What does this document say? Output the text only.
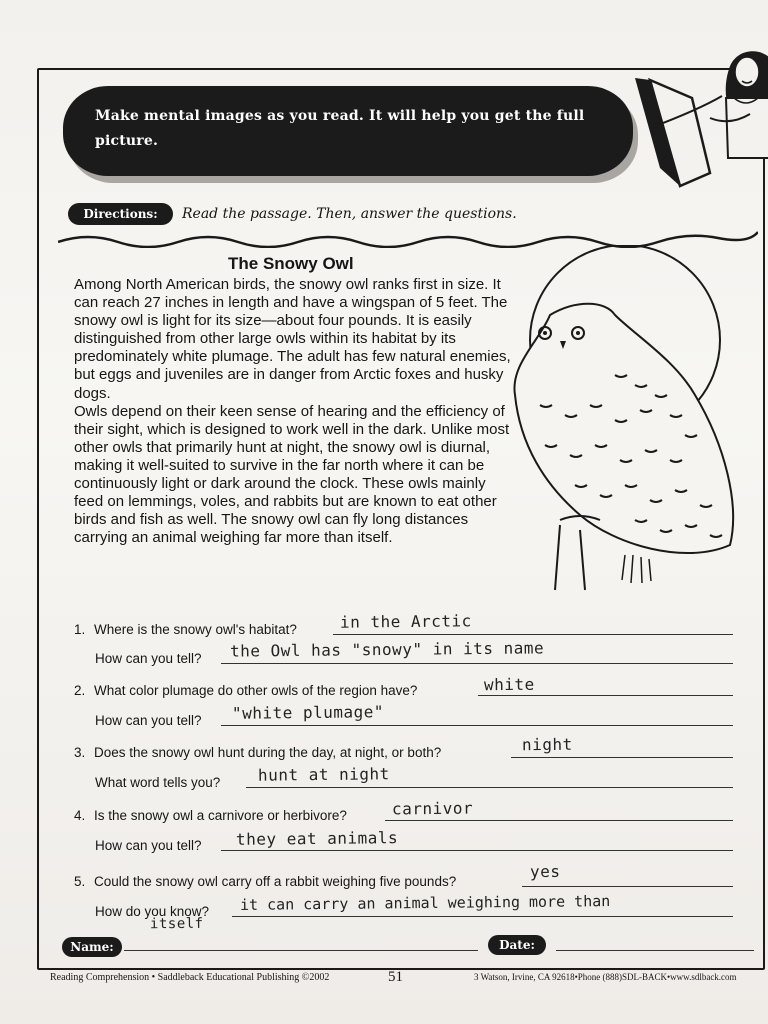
Make mental images as you read. It will help you get the full picture.
Directions:	Read the passage. Then, answer the questions.
The Snowy Owl

Among North American birds, the snowy owl ranks first in size. It can reach 27 inches in length and have a wingspan of 5 feet. The snowy owl is light for its size—about four pounds. It is easily distinguished from other large owls within its habitat by its predominately white plumage. The adult has few natural enemies, but eggs and juveniles are in danger from Arctic foxes and husky dogs.

Owls depend on their keen sense of hearing and the efficiency of their sight, which is designed to work well in the dark. Unlike most other owls that primarily hunt at night, the snowy owl is diurnal, making it well-suited to survive in the far north where it can be continuously light or dark around the clock. These owls mainly feed on lemmings, voles, and rabbits but are known to eat other birds and fish as well. The snowy owl can fly long distances carrying an animal weighing far more than itself.

1. Where is the snowy owl's habitat?	in the Arctic
How can you tell? the Owl has "snowy" in its name
2. What color plumage do other owls of the region have?	white
How can you tell? "white plumage"
3. Does the snowy owl hunt during the day, at night, or both?	night
What word tells you? hunt at night
4. Is the snowy owl a carnivore or herbivore?	carnivor
How can you tell? they eat animals
5. Could the snowy owl carry off a rabbit weighing five pounds?
yes
How do you know? it can carry an animal weighing more than
itself
Name:	Date:
Reading Comprehension • Saddleback Educational Publishing ©2002	51	3 Watson, Irvine, CA 92618•Phone (888)SDL-BACK•www.sdlback.com
